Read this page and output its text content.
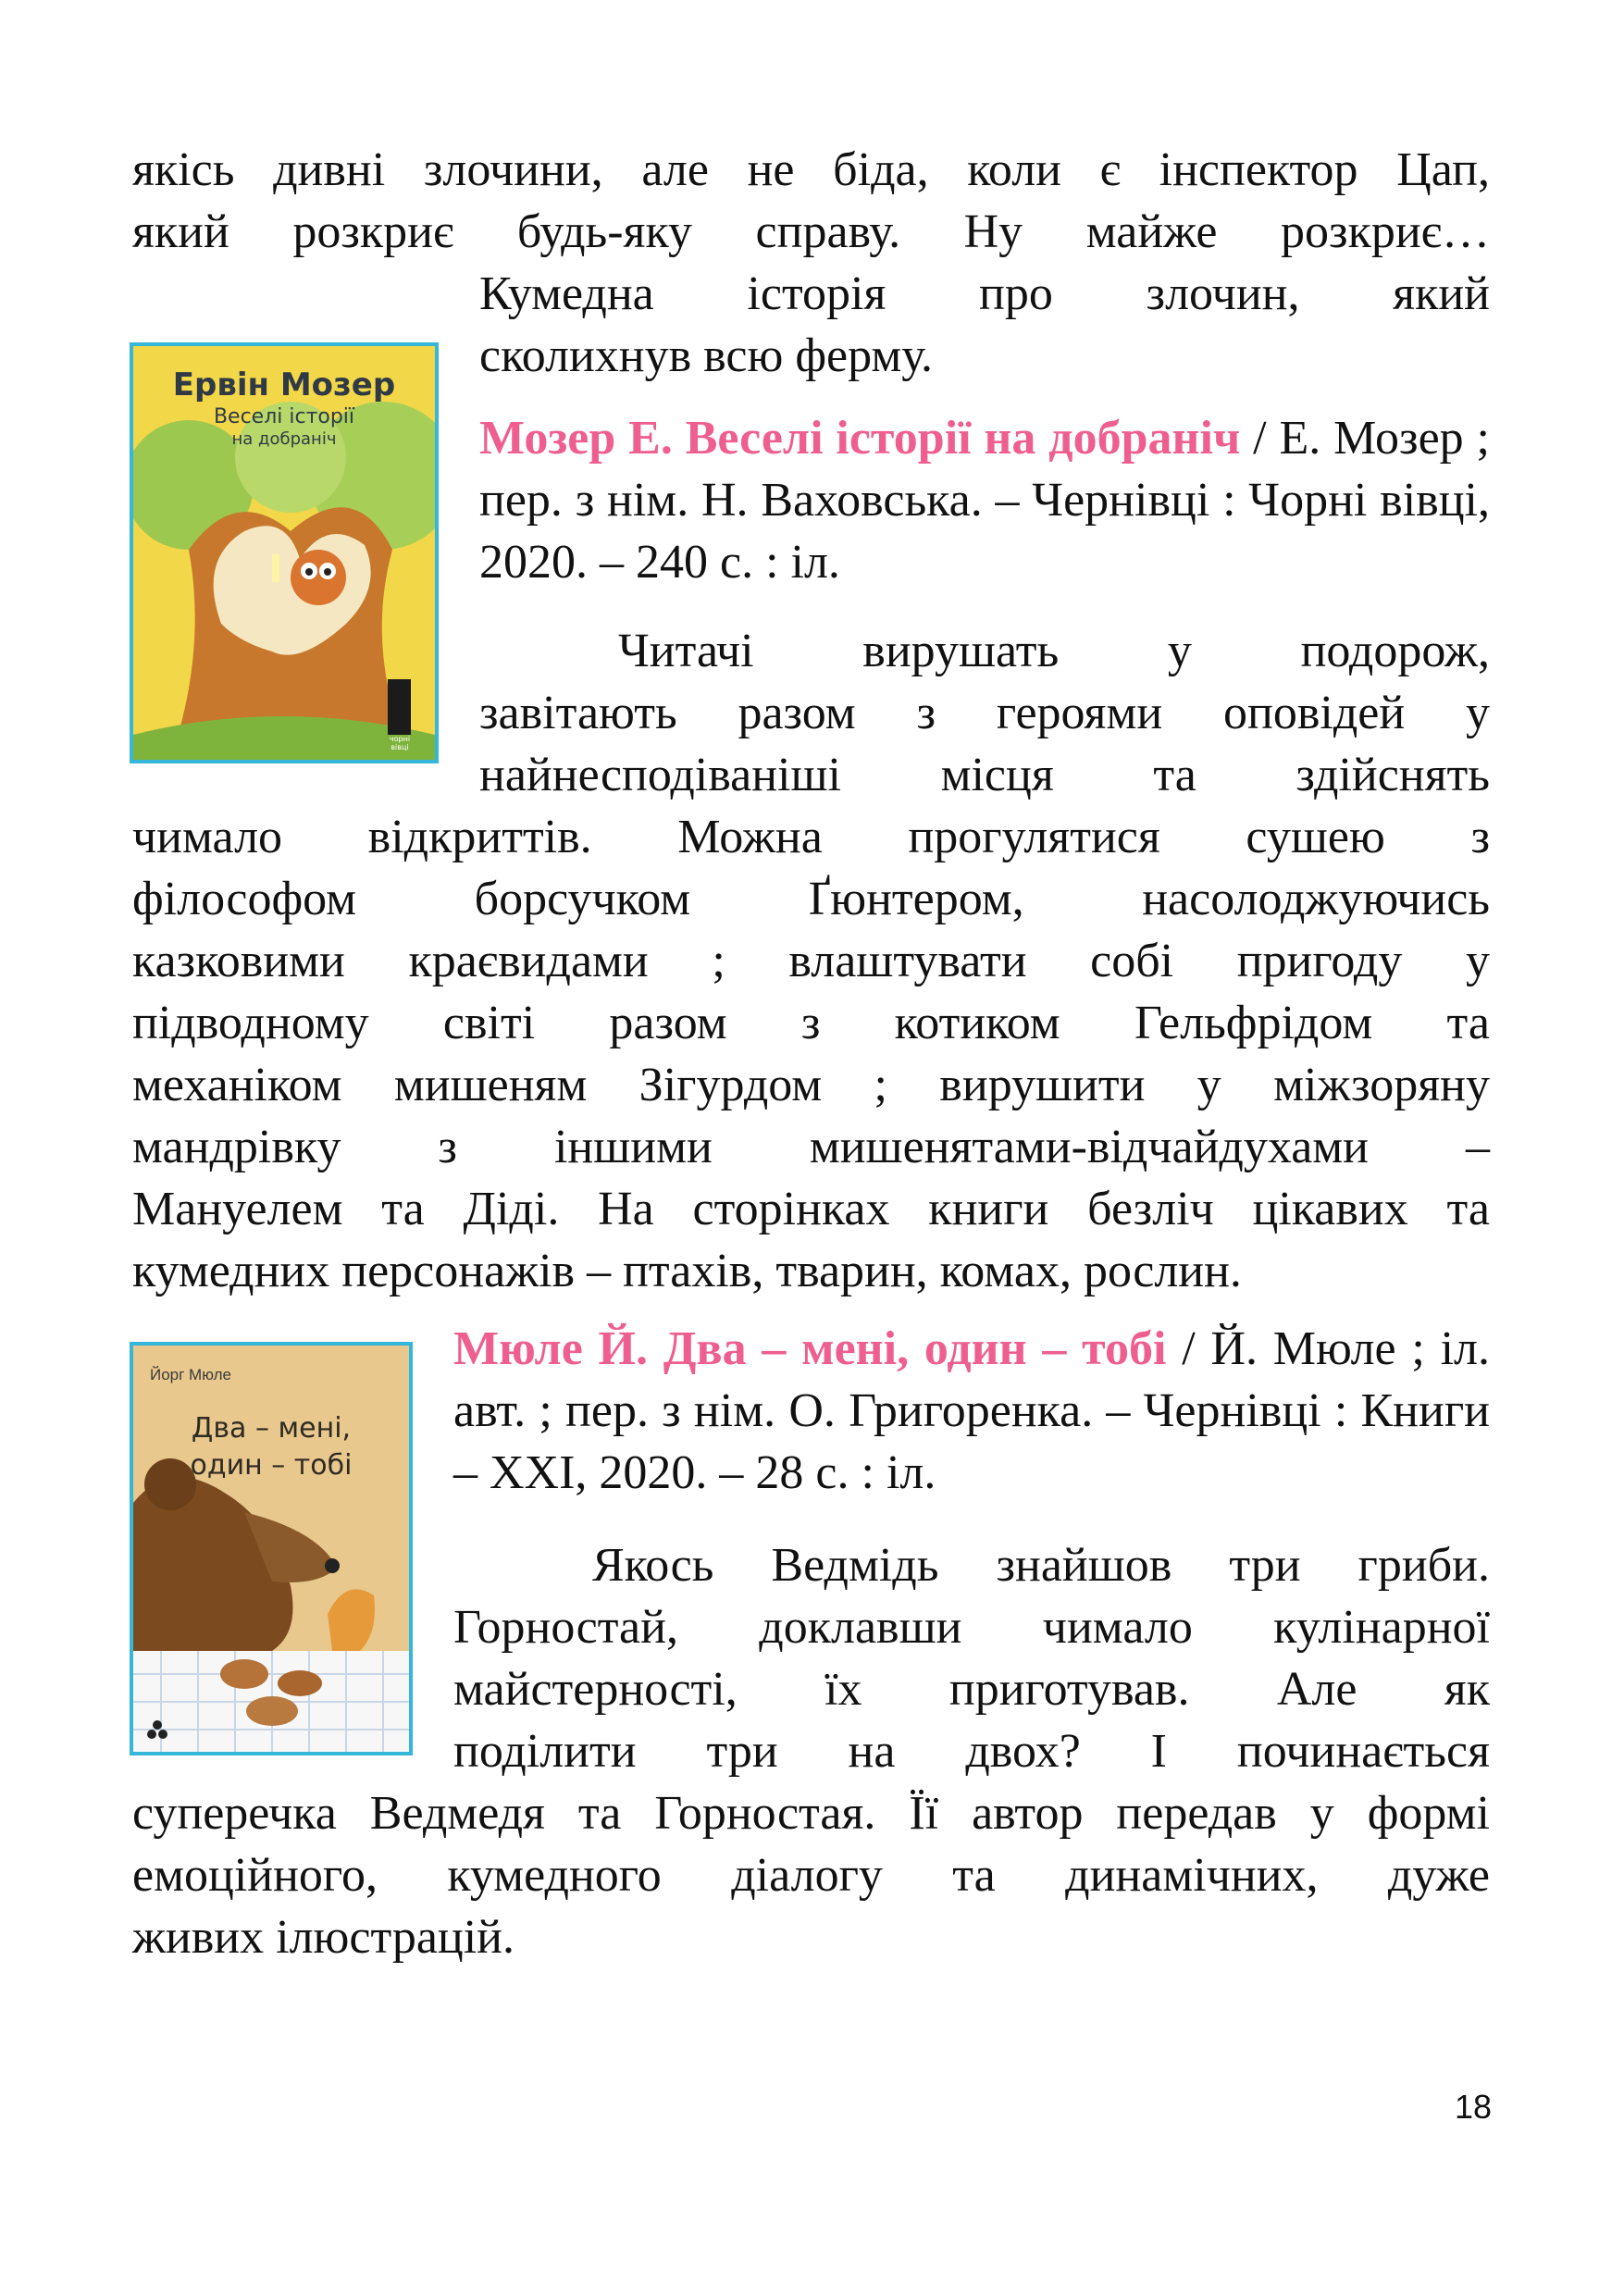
якісь дивні злочини, але не біда, коли є інспектор Цап,
який розкриє будь-яку справу. Ну майже розкриє…
Кумедна історія про злочин, який
сколихнув всю ферму.
Ервін Мозер
Веселі історії
на добраніч
чорні вівці
Мозер Е. Веселі історії на добраніч / Е. Мозер ; пер. з нім. Н. Ваховська. – Чернівці : Чорні вівці, 2020. – 240 с. : іл.
Читачі вирушать у подорож,
завітають разом з героями оповідей у
найнесподіваніші місця та здійснять
чимало відкриттів. Можна прогулятися сушею з
філософом борсучком Ґюнтером, насолоджуючись
казковими краєвидами ; влаштувати собі пригоду у
підводному світі разом з котиком Гельфрідом та
механіком мишеням Зігурдом ; вирушити у міжзоряну
мандрівку з іншими мишенятами-відчайдухами –
Мануелем та Діді. На сторінках книги безліч цікавих та
кумедних персонажів – птахів, тварин, комах, рослин.
Йорг Мюле
Два – мені,
один – тобі
Мюле Й. Два – мені, один – тобі / Й. Мюле ; іл. авт. ; пер. з нім. О. Григоренка. – Чернівці : Книги – XXI, 2020. – 28 с. : іл.
Якось Ведмідь знайшов три гриби.
Горностай, доклавши чимало кулінарної
майстерності, їх приготував. Але як
поділити три на двох? І починається
суперечка Ведмедя та Горностая. Її автор передав у формі
емоційного, кумедного діалогу та динамічних, дуже
живих ілюстрацій.
18
